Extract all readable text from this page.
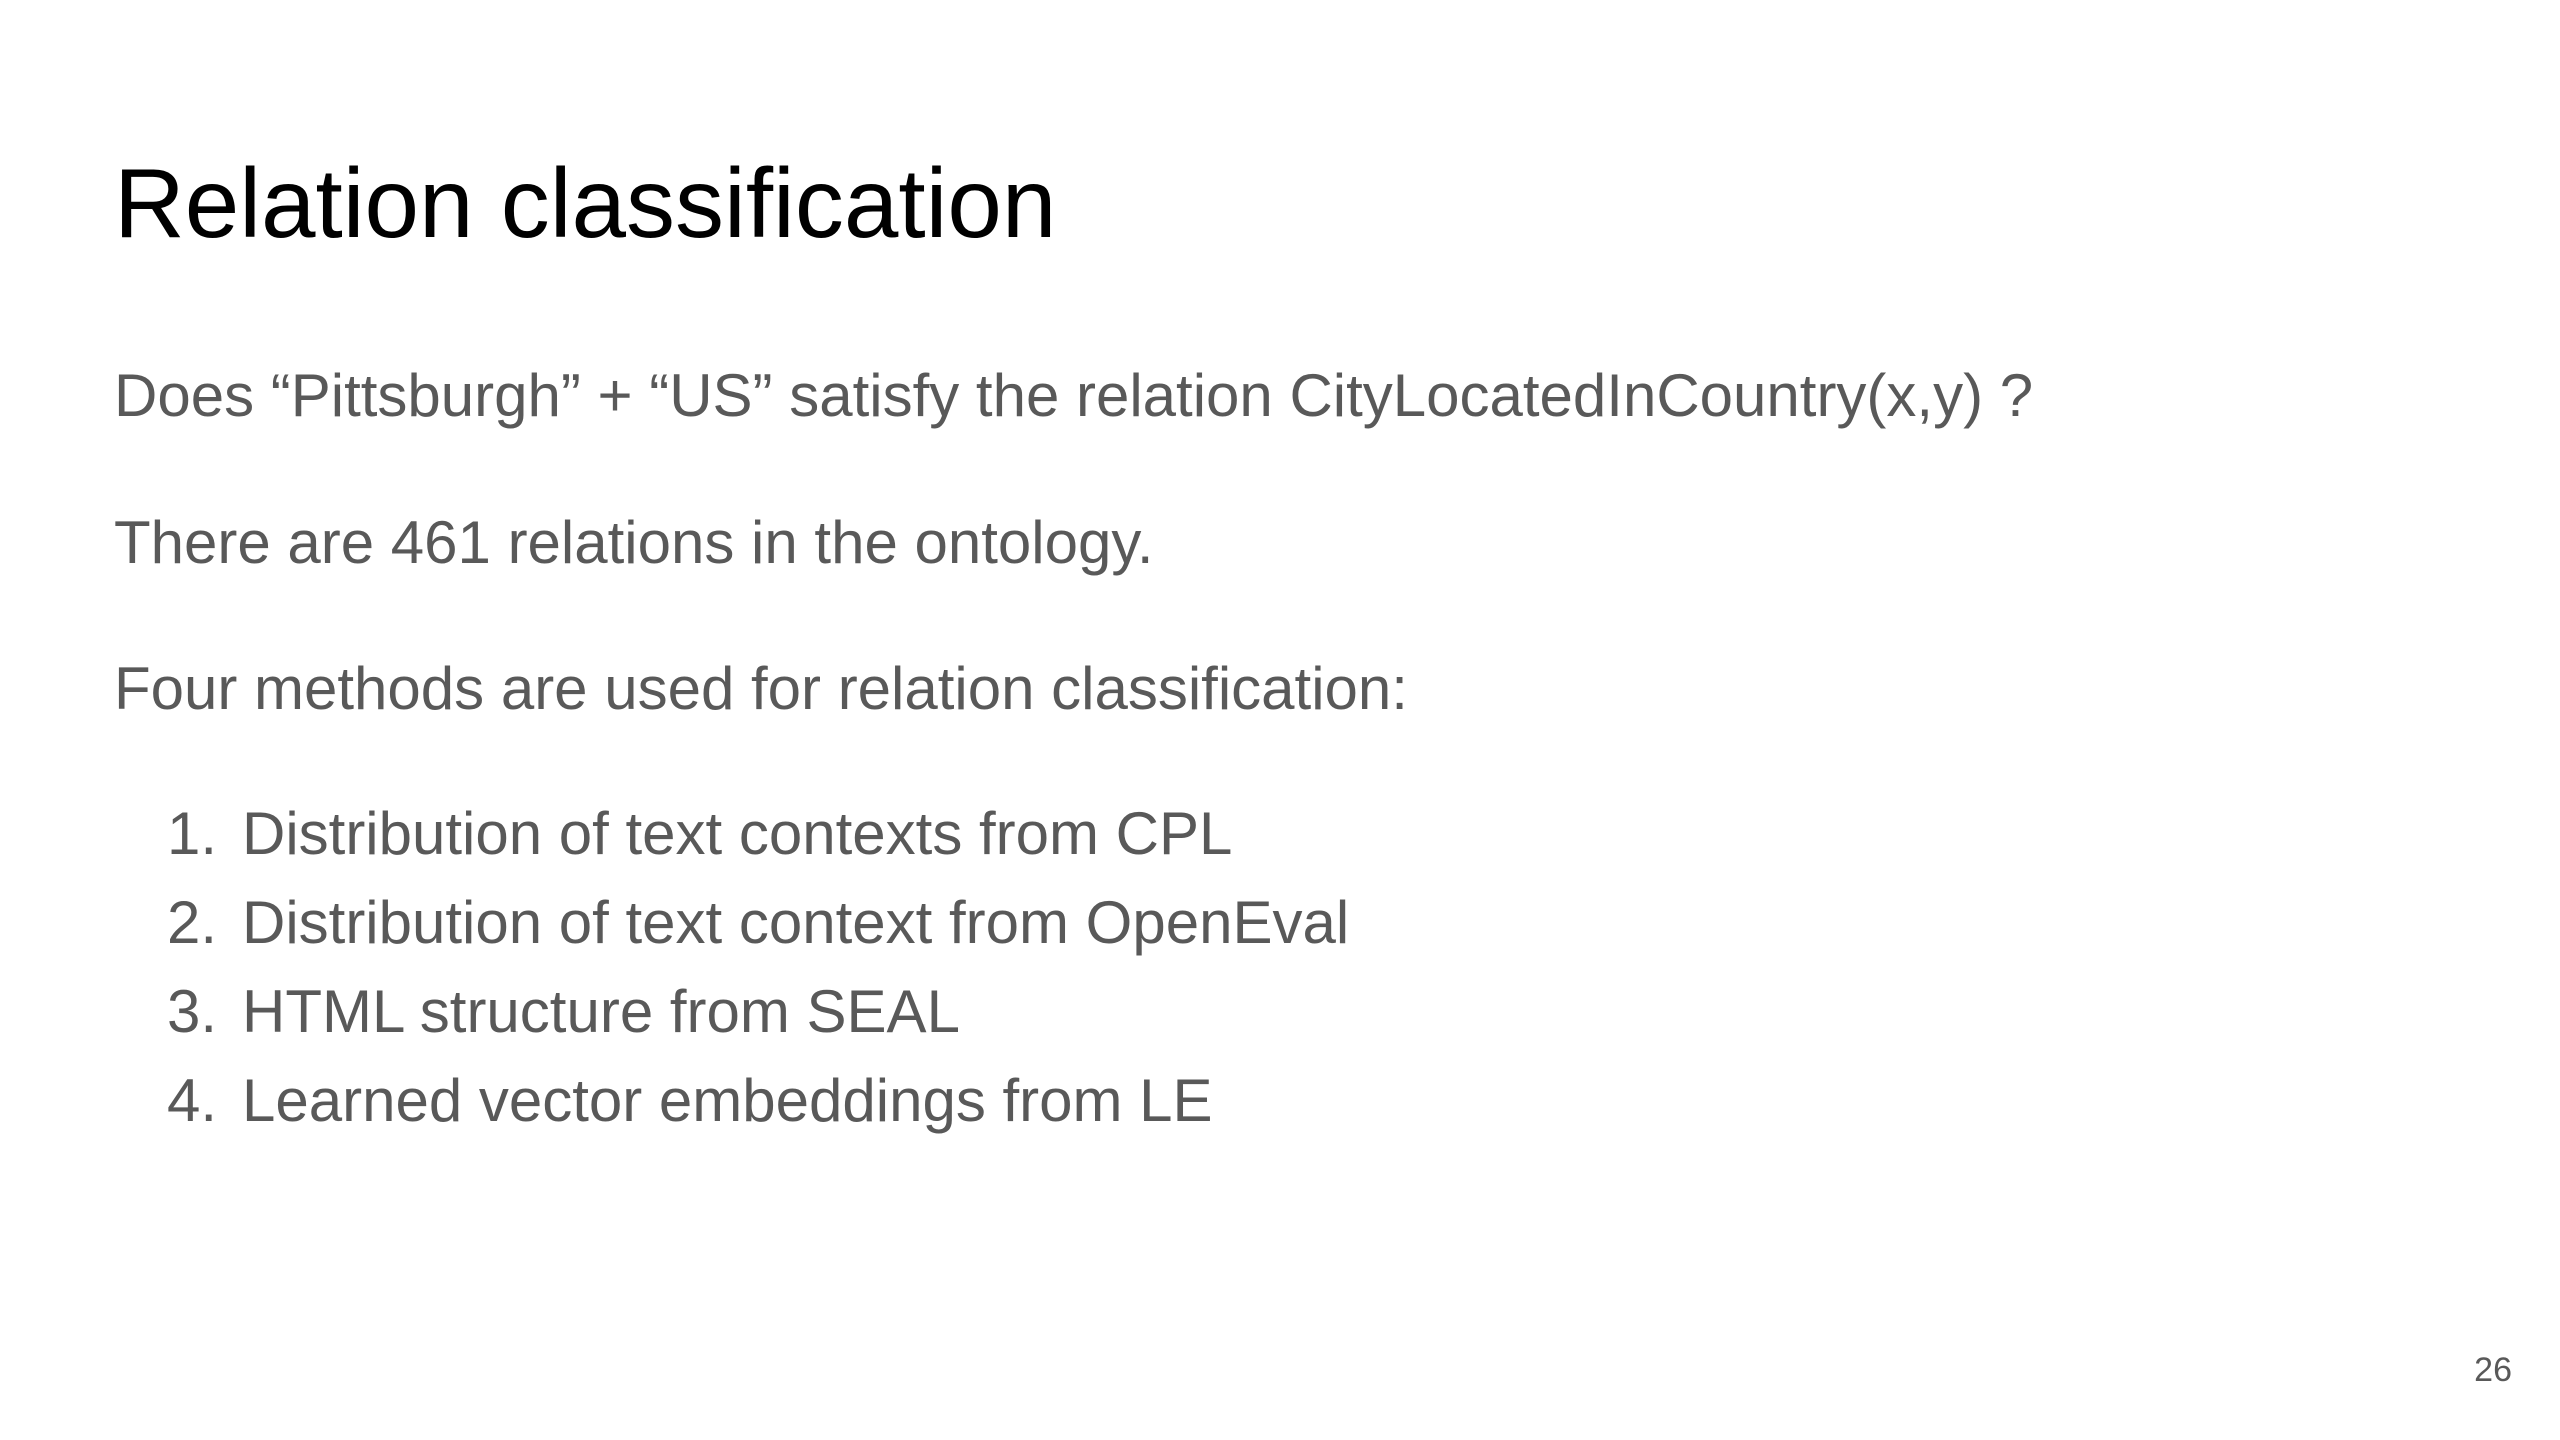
Relation classification

Does “Pittsburgh” + “US” satisfy the relation CityLocatedInCountry(x,y) ?

There are 461 relations in the ontology.

Four methods are used for relation classification:

1. Distribution of text contexts from CPL
2. Distribution of text context from OpenEval
3. HTML structure from SEAL
4. Learned vector embeddings from LE
26
